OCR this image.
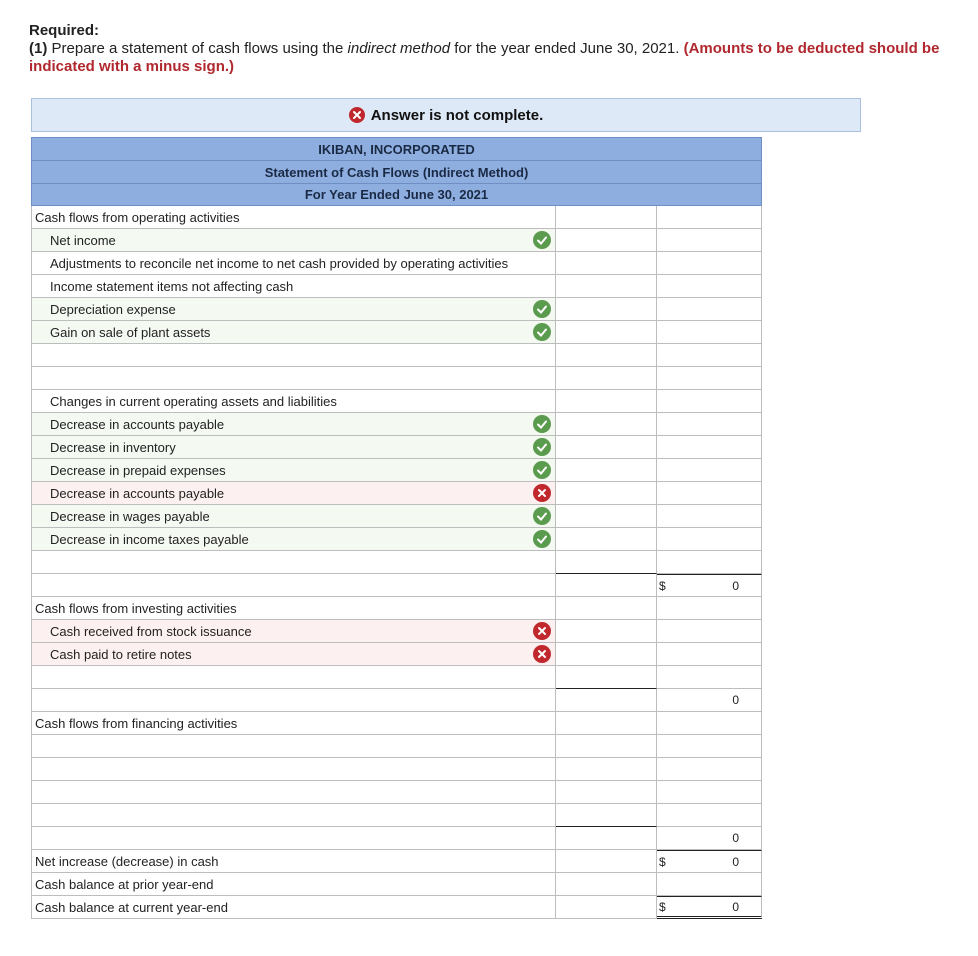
Required:
(1) Prepare a statement of cash flows using the indirect method for the year ended June 30, 2021. (Amounts to be deducted should be indicated with a minus sign.)
Answer is not complete.
IKIBAN, INCORPORATED
Statement of Cash Flows (Indirect Method)
For Year Ended June 30, 2021
Cash flows from operating activities
Net income
Adjustments to reconcile net income to net cash provided by operating activities
Income statement items not affecting cash
Depreciation expense
Gain on sale of plant assets
Changes in current operating assets and liabilities
Decrease in accounts payable
Decrease in inventory
Decrease in prepaid expenses
Decrease in accounts payable
Decrease in wages payable
Decrease in income taxes payable
$	0
Cash flows from investing activities
Cash received from stock issuance
Cash paid to retire notes
0
Cash flows from financing activities
0
Net increase (decrease) in cash	$	0
Cash balance at prior year-end
Cash balance at current year-end	$	0
